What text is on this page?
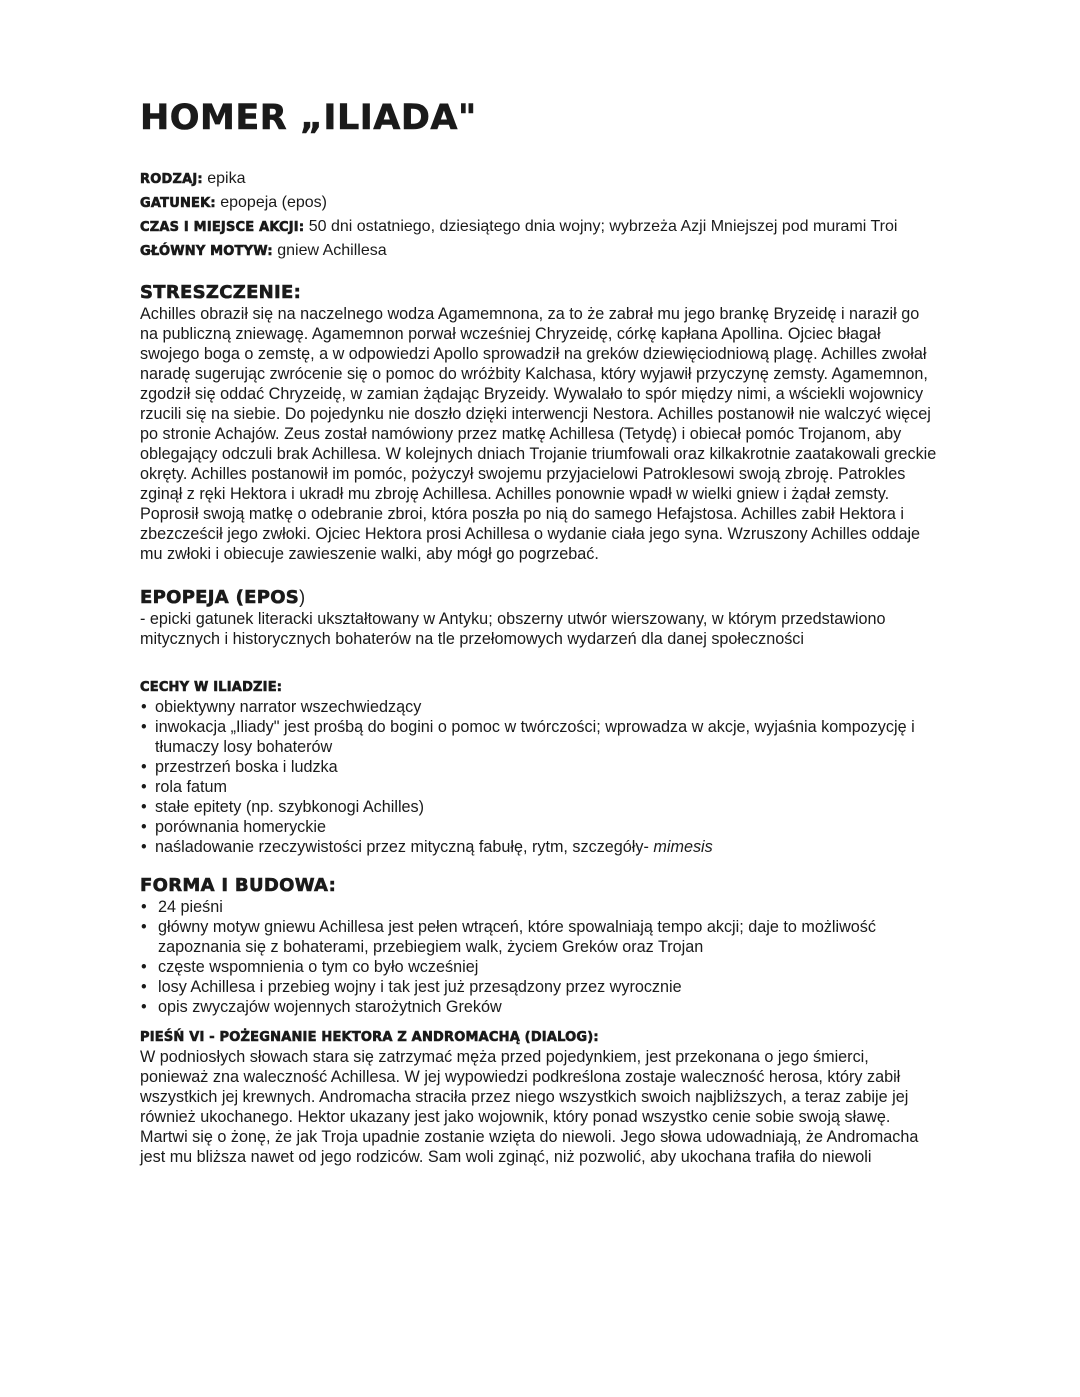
HOMER „ILIADA"
RODZAJ: epika
GATUNEK: epopeja (epos)
CZAS I MIEJSCE AKCJI: 50 dni ostatniego, dziesiątego dnia wojny; wybrzeża Azji Mniejszej pod murami Troi
GŁÓWNY MOTYW: gniew Achillesa
STRESZCZENIE:

Achilles obraził się na naczelnego wodza Agamemnona, za to że zabrał mu jego brankę Bryzeidę i naraził go na publiczną zniewagę. Agamemnon porwał wcześniej Chryzeidę, córkę kapłana Apollina. Ojciec błagał swojego boga o zemstę, a w odpowiedzi Apollo sprowadził na greków dziewięciodniową plagę. Achilles zwołał naradę sugerując zwrócenie się o pomoc do wróżbity Kalchasa, który wyjawił przyczynę zemsty. Agamemnon, zgodził się oddać Chryzeidę, w zamian żądając Bryzeidy. Wywalało to spór między nimi, a wściekli wojownicy rzucili się na siebie. Do pojedynku nie doszło dzięki interwencji Nestora. Achilles postanowił nie walczyć więcej po stronie Achajów. Zeus został namówiony przez matkę Achillesa (Tetydę) i obiecał pomóc Trojanom, aby oblegający odczuli brak Achillesa. W kolejnych dniach Trojanie triumfowali oraz kilkakrotnie zaatakowali greckie okręty. Achilles postanowił im pomóc, pożyczył swojemu przyjacielowi Patroklesowi swoją zbroję. Patrokles zginął z ręki Hektora i ukradł mu zbroję Achillesa. Achilles ponownie wpadł w wielki gniew i żądał zemsty. Poprosił swoją matkę o odebranie zbroi, która poszła po nią do samego Hefajstosa. Achilles zabił Hektora i zbezcześcił jego zwłoki. Ojciec Hektora prosi Achillesa o wydanie ciała jego syna. Wzruszony Achilles oddaje mu zwłoki i obiecuje zawieszenie walki, aby mógł go pogrzebać.

EPOPEJA (EPOS)

- epicki gatunek literacki ukształtowany w Antyku; obszerny utwór wierszowany, w którym przedstawiono mitycznych i historycznych bohaterów na tle przełomowych wydarzeń dla danej społeczności

CECHY W ILIADZIE:
• obiektywny narrator wszechwiedzący
• inwokacja „Iliady" jest prośbą do bogini o pomoc w twórczości; wprowadza w akcje, wyjaśnia kompozycję i tłumaczy losy bohaterów
• przestrzeń boska i ludzka
• rola fatum
• stałe epitety (np. szybkonogi Achilles)
• porównania homeryckie
• naśladowanie rzeczywistości przez mityczną fabułę, rytm, szczegóły- mimesis
FORMA I BUDOWA:
• 24 pieśni
• główny motyw gniewu Achillesa jest pełen wtrąceń, które spowalniają tempo akcji; daje to możliwość zapoznania się z bohaterami, przebiegiem walk, życiem Greków oraz Trojan
• częste wspomnienia o tym co było wcześniej
• losy Achillesa i przebieg wojny i tak jest już przesądzony przez wyrocznie
• opis zwyczajów wojennych starożytnich Greków
PIEŚŃ VI - POŻEGNANIE HEKTORA Z ANDROMACHĄ (DIALOG):

W podniosłych słowach stara się zatrzymać męża przed pojedynkiem, jest przekonana o jego śmierci, ponieważ zna waleczność Achillesa. W jej wypowiedzi podkreślona zostaje waleczność herosa, który zabił wszystkich jej krewnych. Andromacha straciła przez niego wszystkich swoich najbliższych, a teraz zabije jej również ukochanego. Hektor ukazany jest jako wojownik, który ponad wszystko cenie sobie swoją sławę. Martwi się o żonę, że jak Troja upadnie zostanie wzięta do niewoli. Jego słowa udowadniają, że Andromacha jest mu bliższa nawet od jego rodziców. Sam woli zginąć, niż pozwolić, aby ukochana trafiła do niewoli
